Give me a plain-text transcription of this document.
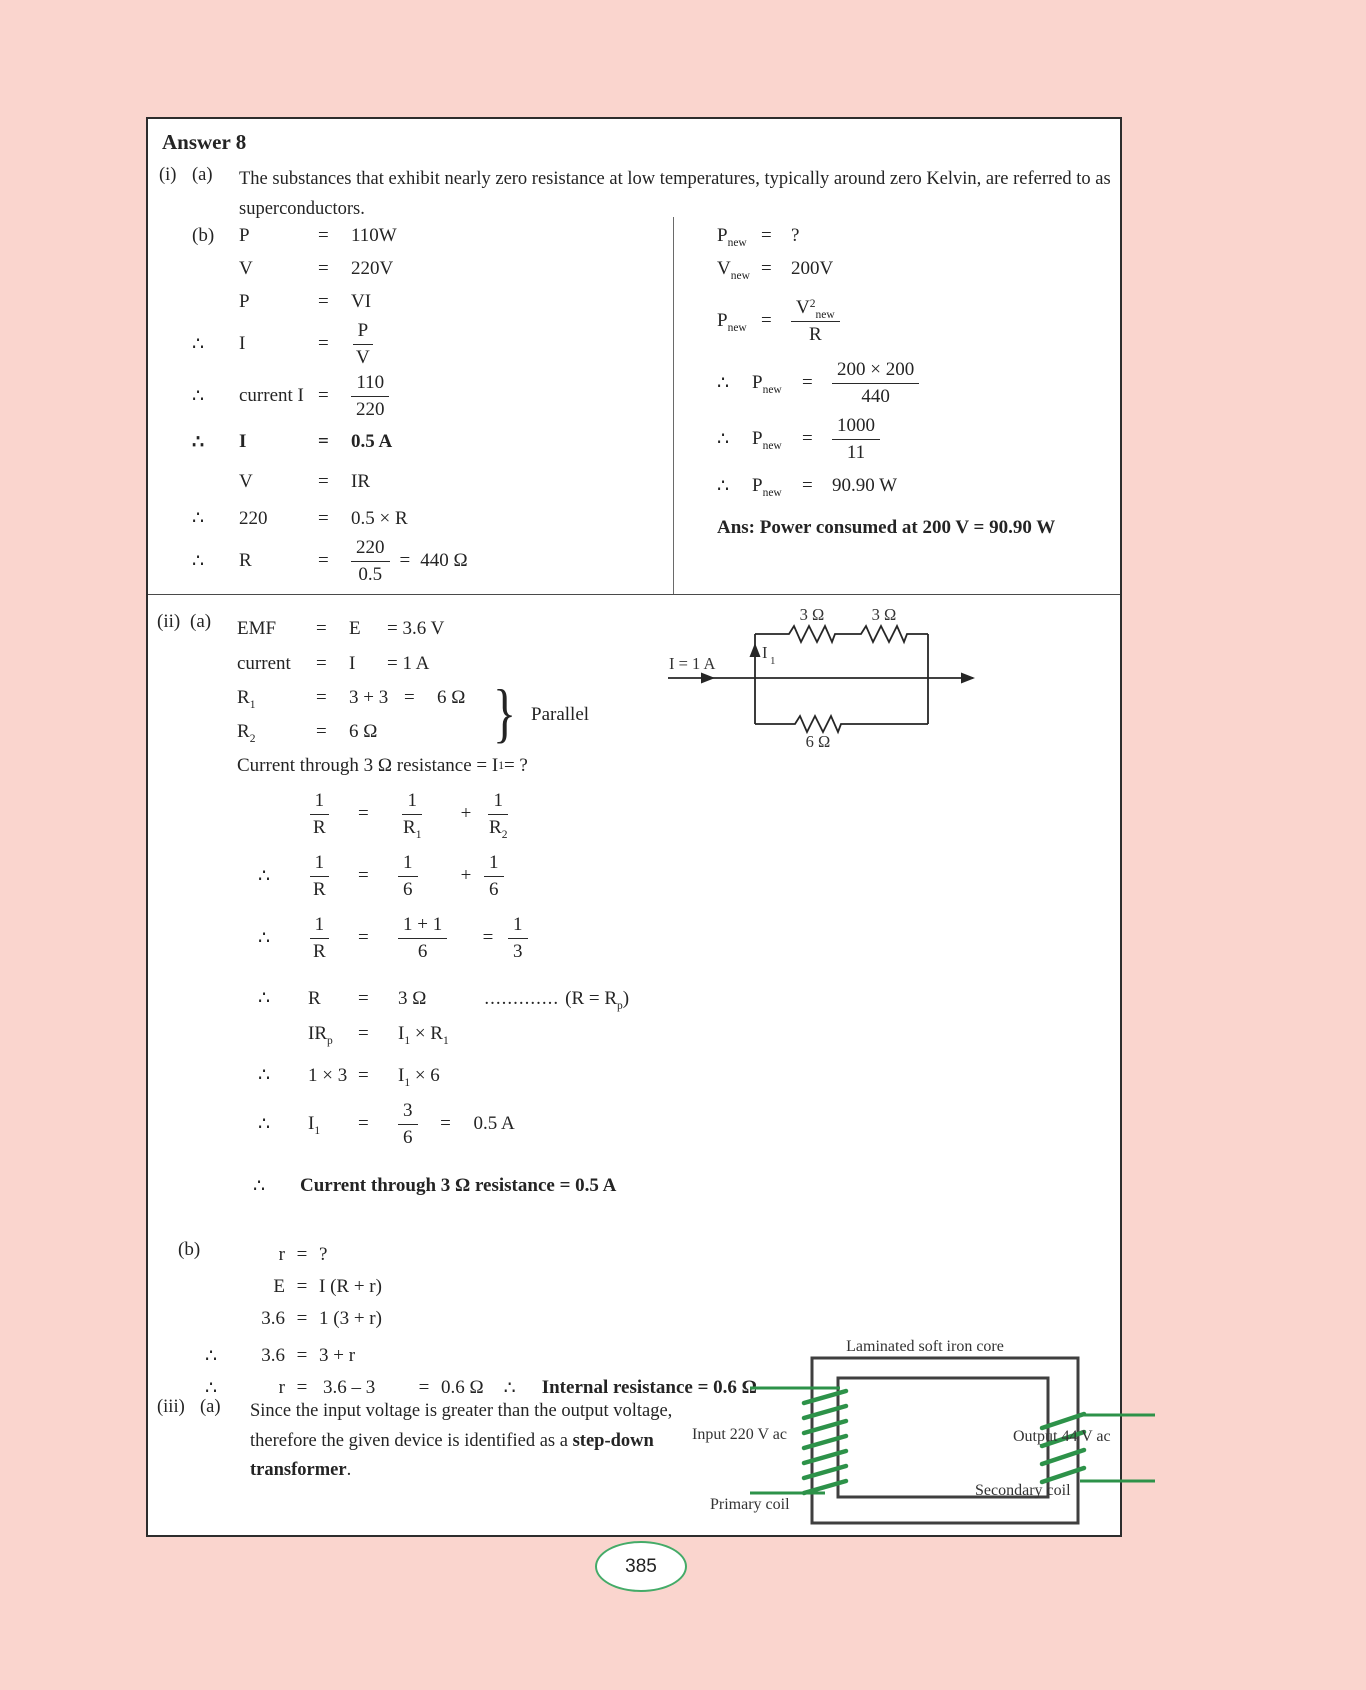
Answer 8
(i) (a)	The substances that exhibit nearly zero resistance at low temperatures, typically around zero Kelvin, are referred to as
superconductors.
(b)	P	=	110W
V	=	220V
P	=	VI
∴	I	=	$\frac{P}{V}$
∴	current I =	$\frac{110}{220}$
∴	I	=	0.5 A
V	=	IR
∴	220	=	0.5 × R
∴	R	=	$\frac{220}{0.5} = 440$ Ω
$P_{new}$ =	?
$V_{new}$ =	200V
$P_{new}$ =	$\frac{V^2_{new}}{R}$
∴	$P_{new}$	=	$\frac{200 \times 200}{440}$
∴	$P_{new}$	=	$\frac{1000}{11}$
∴	$P_{new}$	=	90.90 W
Ans: Power consumed at 200 V = 90.90 W
(ii) (a)	EMF	=	E	= 3.6 V
current	=	I	= 1 A
$R_1$	=	3 + 3 =	6 Ω
$R_2$	=	6 Ω } Parallel
Current through 3 Ω resistance = I 1 = ?
$\frac{1}{R}$ =	$\frac{1}{R_1}$	+ $\frac{1}{R_2}$
∴	$\frac{1}{R}$ =	$\frac{1}{6}$	+ $\frac{1}{6}$
∴	$\frac{1}{R}$ =	$\frac{1 + 1}{6}$	= $\frac{1}{3}$
∴	R	=	3 Ω	............. $(R = R_p)$
$IR_p$	=	$I_1 \times R_1$
∴	1 × 3 =	$I_1 \times 6$
∴	$I_1$	=	$\frac{3}{6}$	=	0.5 A
∴	Current through 3 Ω resistance = 0.5 A
(b)	r = ?
E = I (R + r)
3.6 = 1 (3 + r)
∴	3.6 = 3 + r
∴	r = 3.6 – 3	= 0.6 Ω ∴ Internal resistance = 0.6 Ω
(iii) (a)	Since the input voltage is greater than the output voltage,
therefore the given device is identified as a step-down
transformer.
I = 1 A
I 1
3 Ω	3 Ω
6 Ω
Laminated soft iron core
Input 220 V ac	Output 44 V ac
Primary coil
Secondary coil
385
